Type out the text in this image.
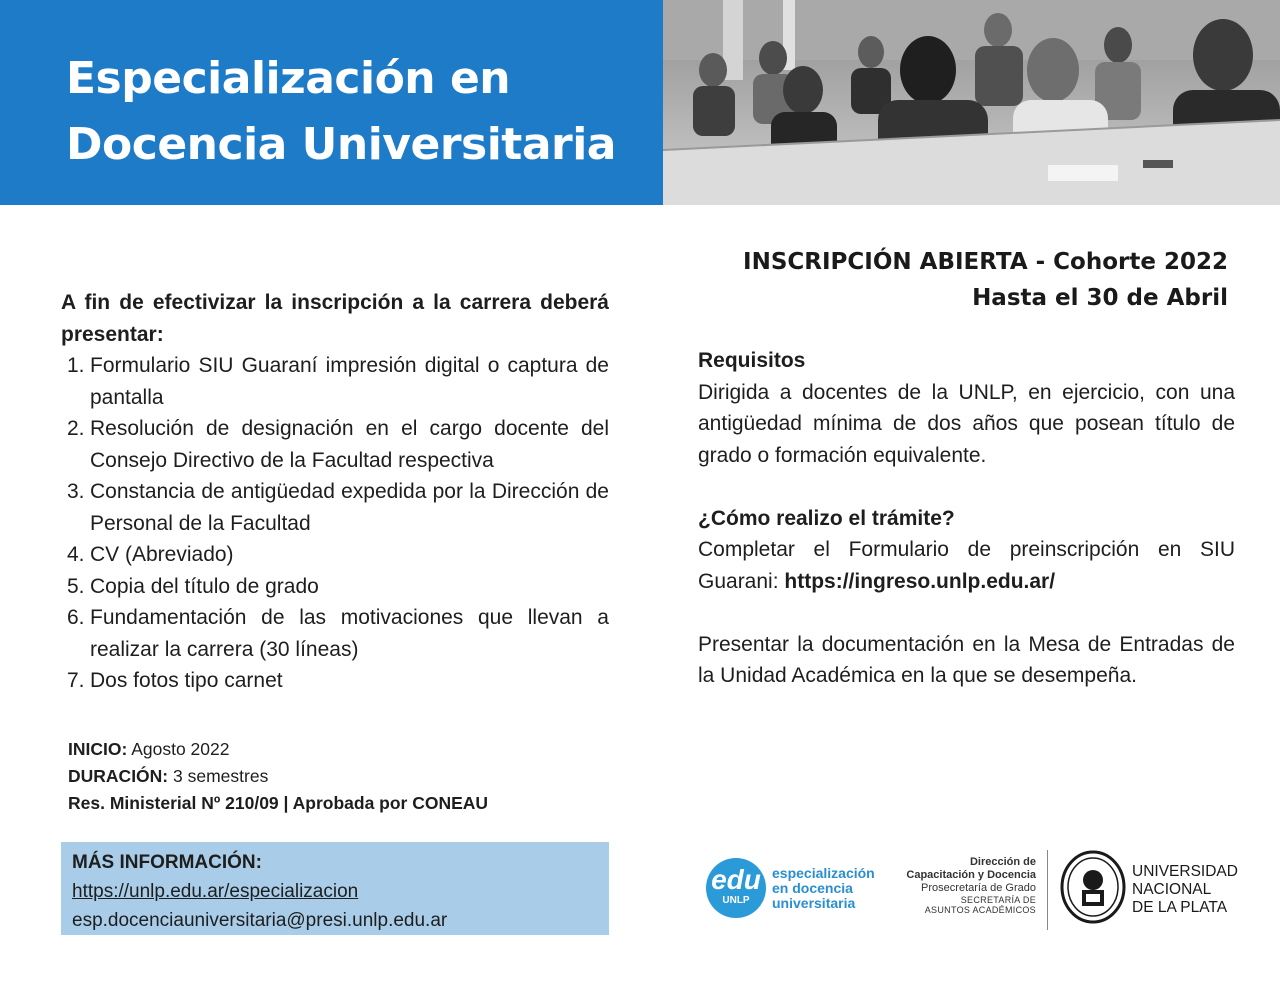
Especialización en
Docencia Universitaria
INSCRIPCIÓN ABIERTA - Cohorte 2022
Hasta el 30 de Abril

A fin de efectivizar la inscripción a la carrera deberá presentar:

1. Formulario SIU Guaraní impresión digital o captura de pantalla
2. Resolución de designación en el cargo docente del Consejo Directivo de la Facultad respectiva
3. Constancia de antigüedad expedida por la Dirección de Personal de la Facultad
4. CV (Abreviado)
5. Copia del título de grado
6. Fundamentación de las motivaciones que llevan a realizar la carrera (30 líneas)
7. Dos fotos tipo carnet
INICIO: Agosto 2022
DURACIÓN: 3 semestres
Res. Ministerial Nº 210/09 | Aprobada por CONEAU
MÁS INFORMACIÓN:
https://unlp.edu.ar/especializacion
esp.docenciauniversitaria@presi.unlp.edu.ar

Requisitos

Dirigida a docentes de la UNLP, en ejercicio, con una antigüedad mínima de dos años que posean título de grado o formación equivalente.

¿Cómo realizo el trámite?

Completar el Formulario de preinscripción en SIU Guarani: https://ingreso.unlp.edu.ar/

Presentar la documentación en la Mesa de Entradas de la Unidad Académica en la que se desempeña.

edu
UNLP
especialización
en docencia
universitaria
Dirección de
Capacitación y Docencia
Prosecretaría de Grado
SECRETARÍA DE
ASUNTOS ACADÉMICOS
UNIVERSIDAD
NACIONAL
DE LA PLATA
